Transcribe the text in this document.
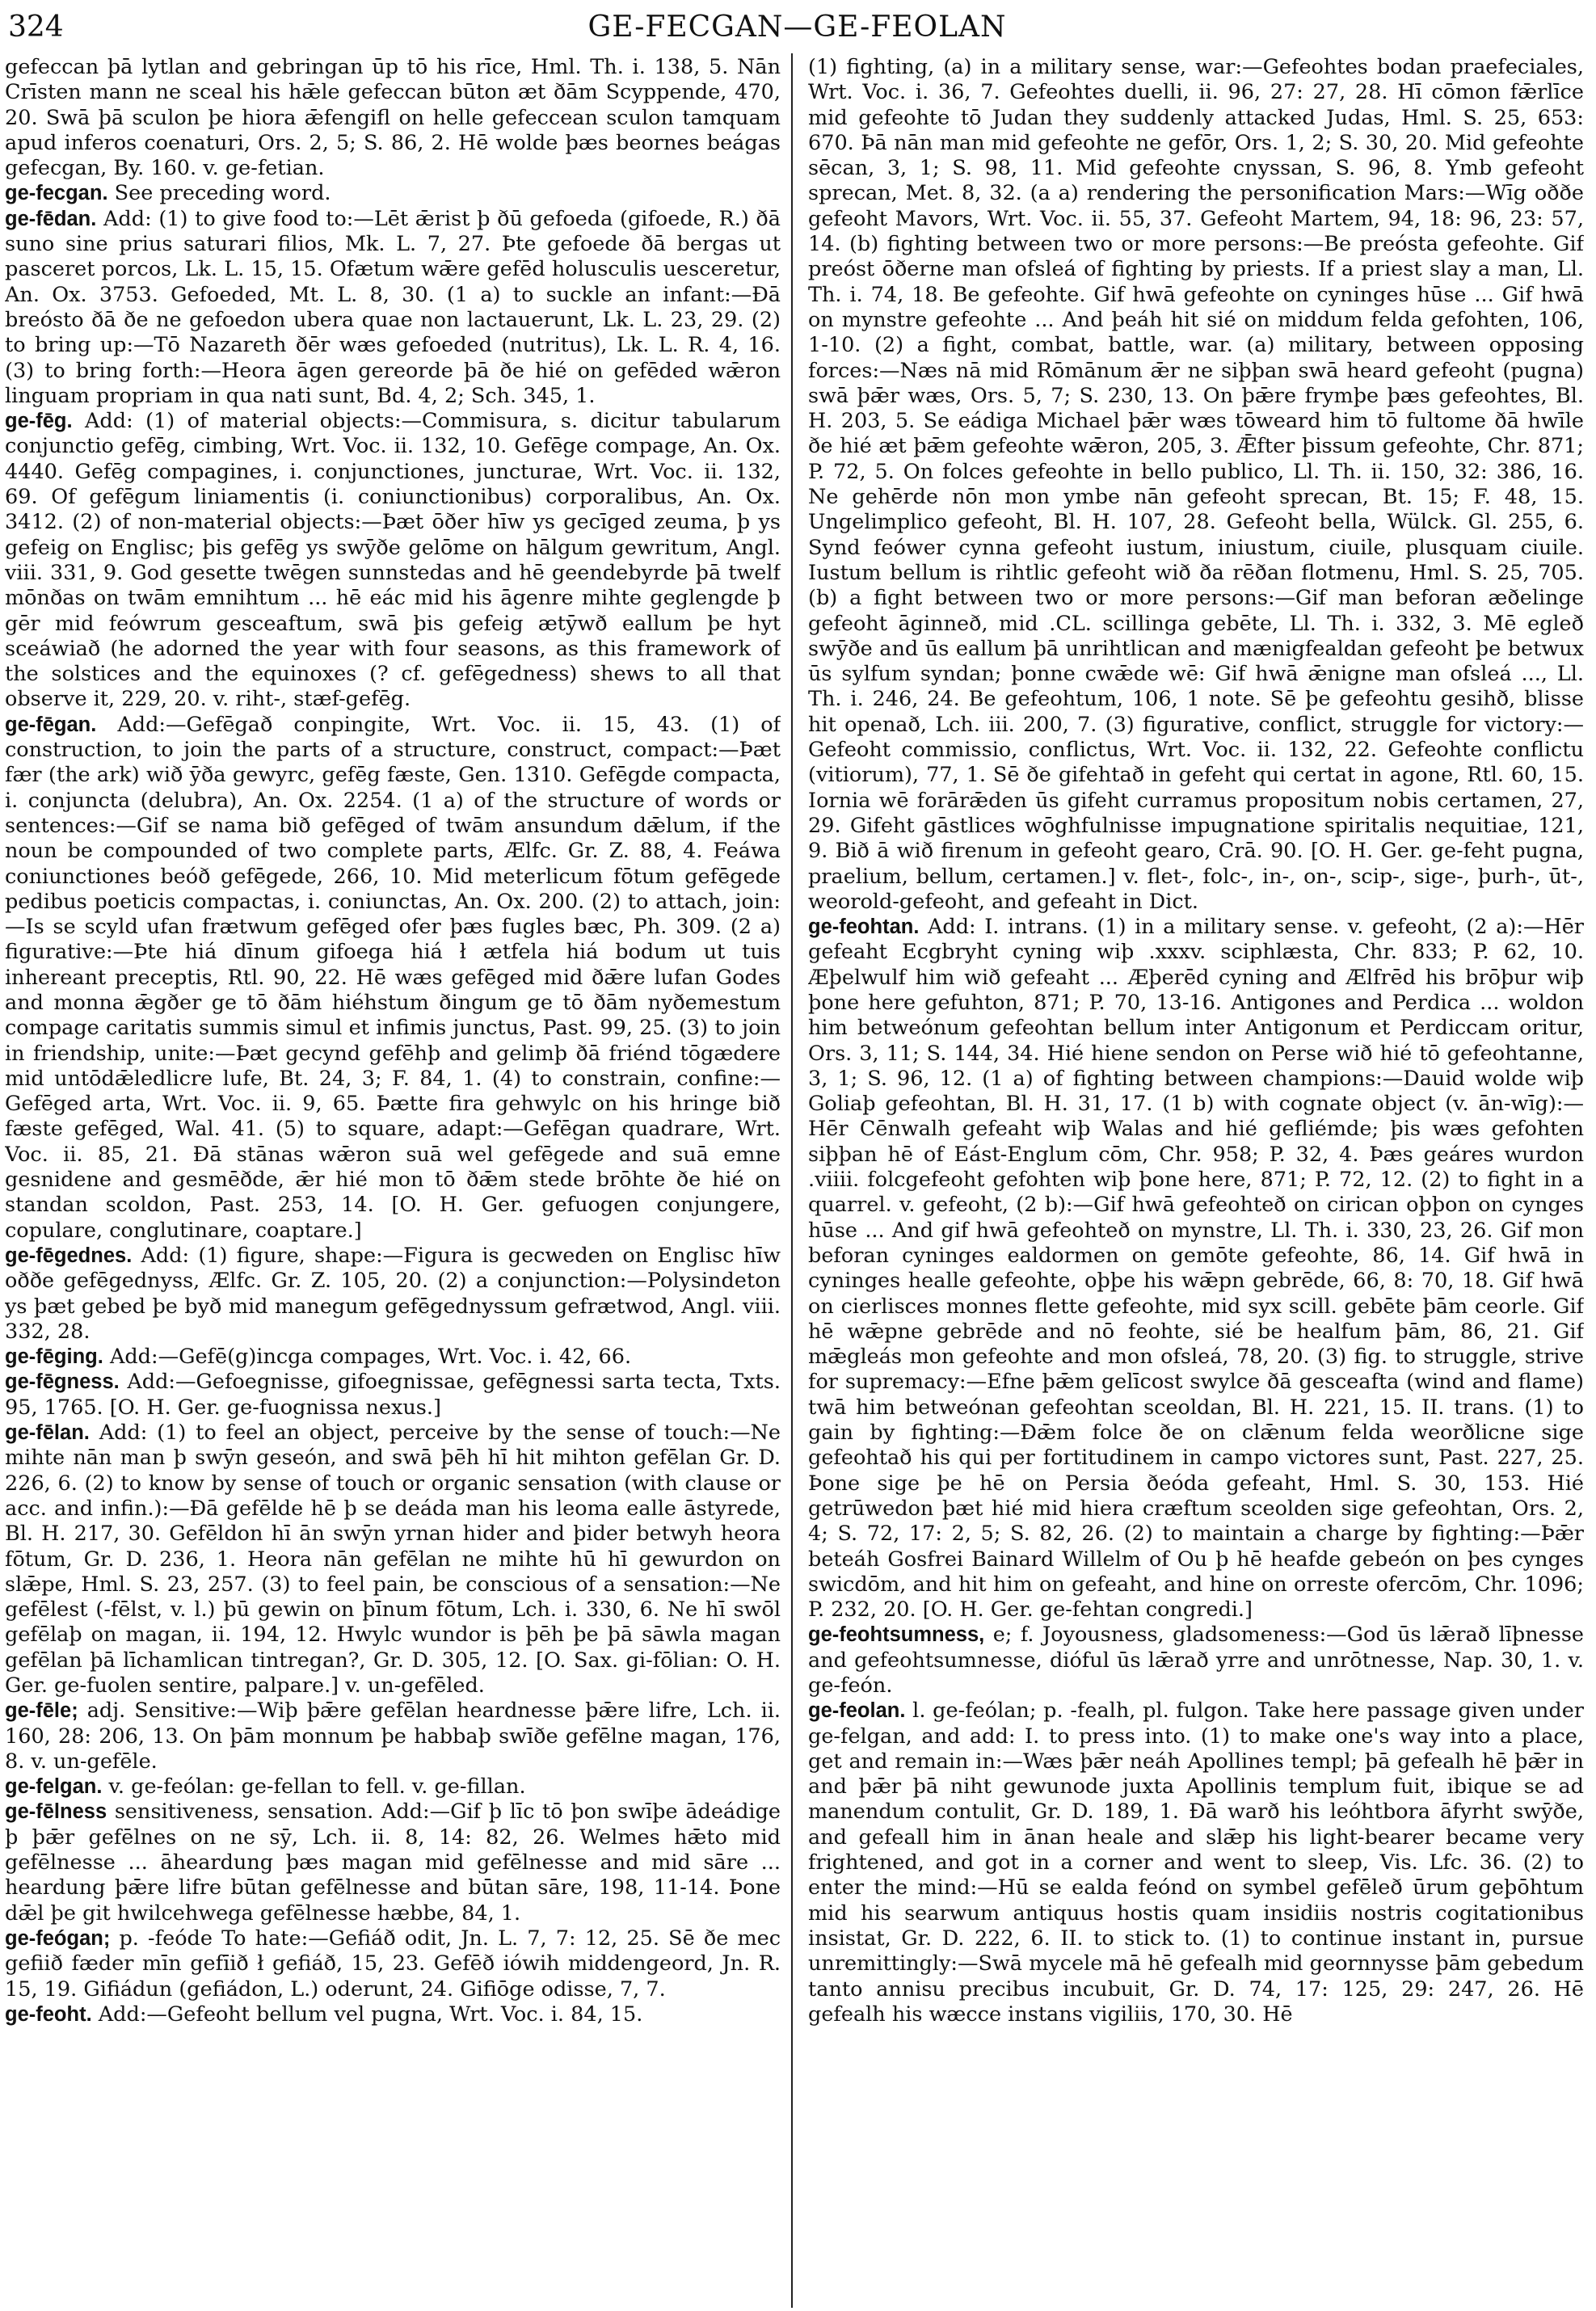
324	GE-FECGAN—GE-FEOLAN

gefeccan þā lytlan and gebringan ūp tō his rīce, Hml. Th. i. 138, 5. Nān Crīsten mann ne sceal his hǣle gefeccan būton æt ðām Scyppende, 470, 20. Swā þā sculon þe hiora ǣfengifl on helle gefeccean sculon tamquam apud inferos coenaturi, Ors. 2, 5; S. 86, 2. Hē wolde þæs beornes beágas gefecgan, By. 160. v. ge-fetian.

ge-fecgan. See preceding word.

ge-fēdan. Add: (1) to give food to:—Lēt ǣrist þ ðū gefoeda (gifoede, R.) ðā suno sine prius saturari filios, Mk. L. 7, 27. Þte gefoede ðā bergas ut pasceret porcos, Lk. L. 15, 15. Ofætum wǣre gefēd holusculis uesceretur, An. Ox. 3753. Gefoeded, Mt. L. 8, 30. (1 a) to suckle an infant:—Ðā breósto ðā ðe ne gefoedon ubera quae non lactauerunt, Lk. L. 23, 29. (2) to bring up:—Tō Nazareth ðēr wæs gefoeded (nutritus), Lk. L. R. 4, 16. (3) to bring forth:—Heora āgen gereorde þā ðe hié on gefēded wǣron linguam propriam in qua nati sunt, Bd. 4, 2; Sch. 345, 1.

ge-fēg. Add: (1) of material objects:—Commisura, s. dicitur tabularum conjunctio gefēg, cimbing, Wrt. Voc. ii. 132, 10. Gefēge compage, An. Ox. 4440. Gefēg compagines, i. conjunctiones, juncturae, Wrt. Voc. ii. 132, 69. Of gefēgum liniamentis (i. coniunctionibus) corporalibus, An. Ox. 3412. (2) of non-material objects:—Þæt ōðer hīw ys gecīged zeuma, þ ys gefeig on Englisc; þis gefēg ys swȳðe gelōme on hālgum gewritum, Angl. viii. 331, 9. God gesette twēgen sunnstedas and hē geendebyrde þā twelf mōnðas on twām emnihtum ... hē eác mid his āgenre mihte geglengde þ gēr mid feówrum gesceaftum, swā þis gefeig ætȳwð eallum þe hyt sceáwiað (he adorned the year with four seasons, as this framework of the solstices and the equinoxes (? cf. gefēgedness) shews to all that observe it, 229, 20. v. riht-, stæf-gefēg.

ge-fēgan. Add:—Gefēgað conpingite, Wrt. Voc. ii. 15, 43. (1) of construction, to join the parts of a structure, construct, compact:—Þæt fær (the ark) wið ȳða gewyrc, gefēg fæste, Gen. 1310. Gefēgde compacta, i. conjuncta (delubra), An. Ox. 2254. (1 a) of the structure of words or sentences:—Gif se nama bið gefēged of twām ansundum dǣlum, if the noun be compounded of two complete parts, Ælfc. Gr. Z. 88, 4. Feáwa coniunctiones beóð gefēgede, 266, 10. Mid meterlicum fōtum gefēgede pedibus poeticis compactas, i. coniunctas, An. Ox. 200. (2) to attach, join:—Is se scyld ufan frætwum gefēged ofer þæs fugles bæc, Ph. 309. (2 a) figurative:—Þte hiá dīnum gifoega hiá ł ætfela hiá bodum ut tuis inhereant preceptis, Rtl. 90, 22. Hē wæs gefēged mid ðǣre lufan Godes and monna ǣgðer ge tō ðām hiéhstum ðingum ge tō ðām nyðemestum compage caritatis summis simul et infimis junctus, Past. 99, 25. (3) to join in friendship, unite:—Þæt gecynd gefēhþ and gelimþ ðā friénd tōgædere mid untōdǣledlicre lufe, Bt. 24, 3; F. 84, 1. (4) to constrain, confine:—Gefēged arta, Wrt. Voc. ii. 9, 65. Þætte fira gehwylc on his hringe bið fæste gefēged, Wal. 41. (5) to square, adapt:—Gefēgan quadrare, Wrt. Voc. ii. 85, 21. Ðā stānas wǣron suā wel gefēgede and suā emne gesnidene and gesmēðde, ǣr hié mon tō ðǣm stede brōhte ðe hié on standan scoldon, Past. 253, 14. [O. H. Ger. gefuogen conjungere, copulare, conglutinare, coaptare.]

ge-fēgednes. Add: (1) figure, shape:—Figura is gecweden on Englisc hīw oððe gefēgednyss, Ælfc. Gr. Z. 105, 20. (2) a conjunction:—Polysindeton ys þæt gebed þe byð mid manegum gefēgednyssum gefrætwod, Angl. viii. 332, 28.

ge-fēging. Add:—Gefē(g)incga compages, Wrt. Voc. i. 42, 66.

ge-fēgness. Add:—Gefoegnisse, gifoegnissae, gefēgnessi sarta tecta, Txts. 95, 1765. [O. H. Ger. ge-fuognissa nexus.]

ge-fēlan. Add: (1) to feel an object, perceive by the sense of touch:—Ne mihte nān man þ swȳn geseón, and swā þēh hī hit mihton gefēlan Gr. D. 226, 6. (2) to know by sense of touch or organic sensation (with clause or acc. and infin.):—Ðā gefēlde hē þ se deáda man his leoma ealle āstyrede, Bl. H. 217, 30. Gefēldon hī ān swȳn yrnan hider and þider betwyh heora fōtum, Gr. D. 236, 1. Heora nān gefēlan ne mihte hū hī gewurdon on slǣpe, Hml. S. 23, 257. (3) to feel pain, be conscious of a sensation:—Ne gefēlest (-fēlst, v. l.) þū gewin on þīnum fōtum, Lch. i. 330, 6. Ne hī swōl gefēlaþ on magan, ii. 194, 12. Hwylc wundor is þēh þe þā sāwla magan gefēlan þā līchamlican tintregan?, Gr. D. 305, 12. [O. Sax. gi-fōlian: O. H. Ger. ge-fuolen sentire, palpare.] v. un-gefēled.

ge-fēle; adj. Sensitive:—Wiþ þǣre gefēlan heardnesse þǣre lifre, Lch. ii. 160, 28: 206, 13. On þām monnum þe habbaþ swīðe gefēlne magan, 176, 8. v. un-gefēle.

ge-felgan. v. ge-feólan: ge-fellan to fell. v. ge-fillan.

ge-fēlness sensitiveness, sensation. Add:—Gif þ līc tō þon swīþe ādeádige þ þǣr gefēlnes on ne sȳ, Lch. ii. 8, 14: 82, 26. Welmes hǣto mid gefēlnesse ... āheardung þæs magan mid gefēlnesse and mid sāre ... heardung þǣre lifre būtan gefēlnesse and būtan sāre, 198, 11-14. Þone dǣl þe git hwilcehwega gefēlnesse hæbbe, 84, 1.

ge-feógan; p. -feóde To hate:—Gefiáð odit, Jn. L. 7, 7: 12, 25. Sē ðe mec gefiið fæder mīn gefīið ł gefiáð, 15, 23. Gefēð iówih middengeord, Jn. R. 15, 19. Gifiádun (gefiádon, L.) oderunt, 24. Gifiōge odisse, 7, 7.

ge-feoht. Add:—Gefeoht bellum vel pugna, Wrt. Voc. i. 84, 15.

(1) fighting, (a) in a military sense, war:—Gefeohtes bodan praefeciales, Wrt. Voc. i. 36, 7. Gefeohtes duelli, ii. 96, 27: 27, 28. Hī cōmon fǣrlīce mid gefeohte tō Judan they suddenly attacked Judas, Hml. S. 25, 653: 670. Þā nān man mid gefeohte ne gefōr, Ors. 1, 2; S. 30, 20. Mid gefeohte sēcan, 3, 1; S. 98, 11. Mid gefeohte cnyssan, S. 96, 8. Ymb gefeoht sprecan, Met. 8, 32. (a a) rendering the personification Mars:—Wīg oððe gefeoht Mavors, Wrt. Voc. ii. 55, 37. Gefeoht Martem, 94, 18: 96, 23: 57, 14. (b) fighting between two or more persons:—Be preósta gefeohte. Gif preóst ōðerne man ofsleá of fighting by priests. If a priest slay a man, Ll. Th. i. 74, 18. Be gefeohte. Gif hwā gefeohte on cyninges hūse ... Gif hwā on mynstre gefeohte ... And þeáh hit sié on middum felda gefohten, 106, 1-10. (2) a fight, combat, battle, war. (a) military, between opposing forces:—Næs nā mid Rōmānum ǣr ne siþþan swā heard gefeoht (pugna) swā þǣr wæs, Ors. 5, 7; S. 230, 13. On þǣre frymþe þæs gefeohtes, Bl. H. 203, 5. Se eádiga Michael þǣr wæs tōweard him tō fultome ðā hwīle ðe hié æt þǣm gefeohte wǣron, 205, 3. Ǣfter þissum gefeohte, Chr. 871; P. 72, 5. On folces gefeohte in bello publico, Ll. Th. ii. 150, 32: 386, 16. Ne gehērde nōn mon ymbe nān gefeoht sprecan, Bt. 15; F. 48, 15. Ungelimplico gefeoht, Bl. H. 107, 28. Gefeoht bella, Wülck. Gl. 255, 6. Synd feówer cynna gefeoht iustum, iniustum, ciuile, plusquam ciuile. Iustum bellum is rihtlic gefeoht wið ða rēðan flotmenu, Hml. S. 25, 705. (b) a fight between two or more persons:—Gif man beforan æðelinge gefeoht āginneð, mid .CL. scillinga gebēte, Ll. Th. i. 332, 3. Mē egleð swȳðe and ūs eallum þā unrihtlican and mænigfealdan gefeoht þe betwux ūs sylfum syndan; þonne cwǣde wē: Gif hwā ǣnigne man ofsleá ..., Ll. Th. i. 246, 24. Be gefeohtum, 106, 1 note. Sē þe gefeohtu gesihð, blisse hit openað, Lch. iii. 200, 7. (3) figurative, conflict, struggle for victory:—Gefeoht commissio, conflictus, Wrt. Voc. ii. 132, 22. Gefeohte conflictu (vitiorum), 77, 1. Sē ðe gifehtað in gefeht qui certat in agone, Rtl. 60, 15. Iornia wē forārǣden ūs gifeht curramus propositum nobis certamen, 27, 29. Gifeht gāstlices wōghfulnisse impugnatione spiritalis nequitiae, 121, 9. Bið ā wið firenum in gefeoht gearo, Crā. 90. [O. H. Ger. ge-feht pugna, praelium, bellum, certamen.] v. flet-, folc-, in-, on-, scip-, sige-, þurh-, ūt-, weorold-gefeoht, and gefeaht in Dict.

ge-feohtan. Add: I. intrans. (1) in a military sense. v. gefeoht, (2 a):—Hēr gefeaht Ecgbryht cyning wiþ .xxxv. sciphlæsta, Chr. 833; P. 62, 10. Æþelwulf him wið gefeaht ... Æþerēd cyning and Ælfrēd his brōþur wiþ þone here gefuhton, 871; P. 70, 13-16. Antigones and Perdica ... woldon him betweónum gefeohtan bellum inter Antigonum et Perdiccam oritur, Ors. 3, 11; S. 144, 34. Hié hiene sendon on Perse wið hié tō gefeohtanne, 3, 1; S. 96, 12. (1 a) of fighting between champions:—Dauid wolde wiþ Goliaþ gefeohtan, Bl. H. 31, 17. (1 b) with cognate object (v. ān-wīg):—Hēr Cēnwalh gefeaht wiþ Walas and hié gefliémde; þis wæs gefohten siþþan hē of Eást-Englum cōm, Chr. 958; P. 32, 4. Þæs geáres wurdon .viiii. folcgefeoht gefohten wiþ þone here, 871; P. 72, 12. (2) to fight in a quarrel. v. gefeoht, (2 b):—Gif hwā gefeohteð on cirican oþþon on cynges hūse ... And gif hwā gefeohteð on mynstre, Ll. Th. i. 330, 23, 26. Gif mon beforan cyninges ealdormen on gemōte gefeohte, 86, 14. Gif hwā in cyninges healle gefeohte, oþþe his wǣpn gebrēde, 66, 8: 70, 18. Gif hwā on cierlisces monnes flette gefeohte, mid syx scill. gebēte þām ceorle. Gif hē wǣpne gebrēde and nō feohte, sié be healfum þām, 86, 21. Gif mǣgleás mon gefeohte and mon ofsleá, 78, 20. (3) fig. to struggle, strive for supremacy:—Efne þǣm gelīcost swylce ðā gesceafta (wind and flame) twā him betweónan gefeohtan sceoldan, Bl. H. 221, 15. II. trans. (1) to gain by fighting:—Ðǣm folce ðe on clǣnum felda weorðlicne sige gefeohtað his qui per fortitudinem in campo victores sunt, Past. 227, 25. Þone sige þe hē on Persia ðeóda gefeaht, Hml. S. 30, 153. Hié getrūwedon þæt hié mid hiera cræftum sceolden sige gefeohtan, Ors. 2, 4; S. 72, 17: 2, 5; S. 82, 26. (2) to maintain a charge by fighting:—Þǣr beteáh Gosfrei Bainard Willelm of Ou þ hē heafde gebeón on þes cynges swicdōm, and hit him on gefeaht, and hine on orreste ofercōm, Chr. 1096; P. 232, 20. [O. H. Ger. ge-fehtan congredi.]

ge-feohtsumness, e; f. Joyousness, gladsomeness:—God ūs lǣrað līþnesse and gefeohtsumnesse, dióful ūs lǣrað yrre and unrōtnesse, Nap. 30, 1. v. ge-feón.

ge-feolan. l. ge-feólan; p. -fealh, pl. fulgon. Take here passage given under ge-felgan, and add: I. to press into. (1) to make one's way into a place, get and remain in:—Wæs þǣr neáh Apollines templ; þā gefealh hē þǣr in and þǣr þā niht gewunode juxta Apollinis templum fuit, ibique se ad manendum contulit, Gr. D. 189, 1. Ðā warð his leóhtbora āfyrht swȳðe, and gefeall him in ānan heale and slǣp his light-bearer became very frightened, and got in a corner and went to sleep, Vis. Lfc. 36. (2) to enter the mind:—Hū se ealda feónd on symbel gefēleð ūrum geþōhtum mid his searwum antiquus hostis quam insidiis nostris cogitationibus insistat, Gr. D. 222, 6. II. to stick to. (1) to continue instant in, pursue unremittingly:—Swā mycele mā hē gefealh mid geornnysse þām gebedum tanto annisu precibus incubuit, Gr. D. 74, 17: 125, 29: 247, 26. Hē gefealh his wæcce instans vigiliis, 170, 30. Hē
